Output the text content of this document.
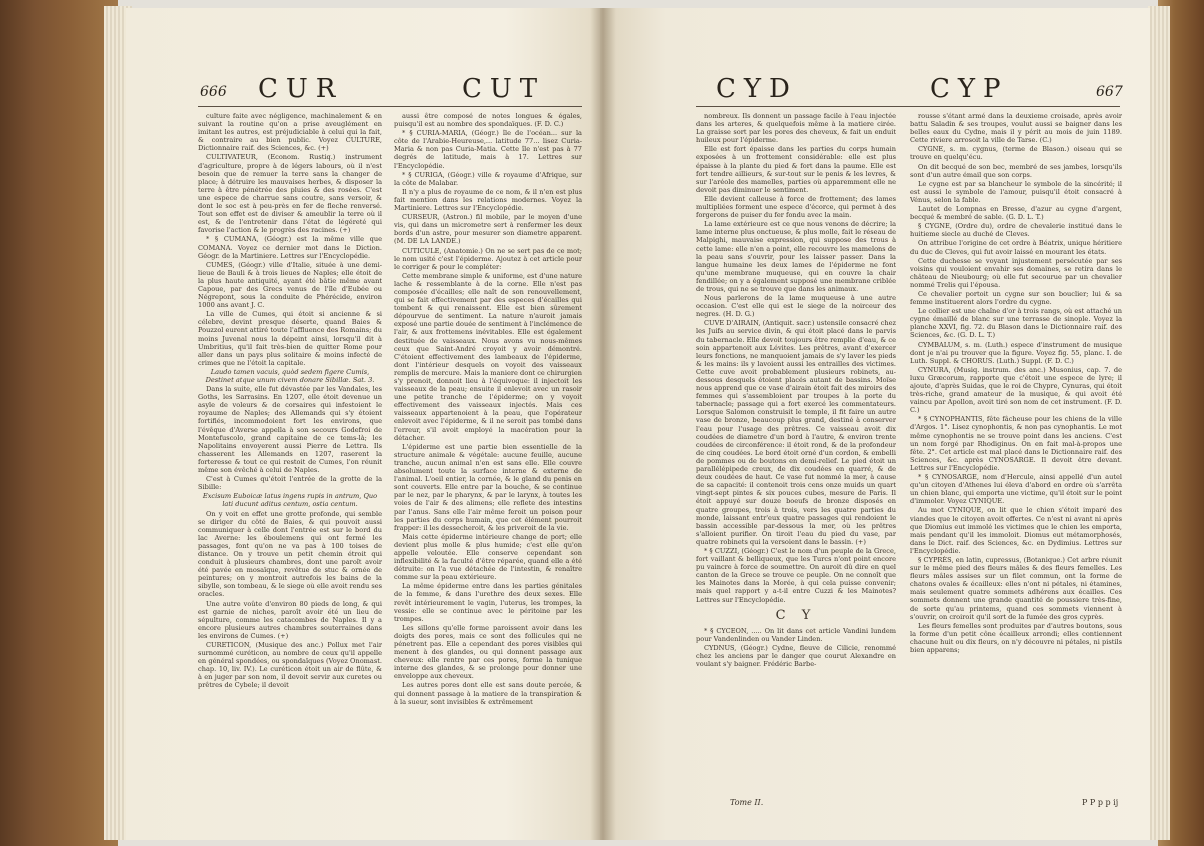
666 CUR	CUT

culture faite avec négligence, machinalement & en suivant la routine qu'on a prise aveuglément en imitant les autres, est préjudiciable à celui qui la fait, & contraire au bien public. Voyez CULTURE, Dictionnaire raif. des Sciences, &c. (+)

CULTIVATEUR, (Econom. Rustiq.) instrument d'agriculture, propre à de légers labours, où il n'est besoin que de remuer la terre sans la changer de place; à détruire les mauvaises herbes, & disposer la terre à être pénétrée des pluies & des rosées. C'est une espece de charrue sans coutre, sans versoir, & dont le soc est à peu-près en fer de fleche renversé. Tout son effet est de diviser & ameublir la terre où il est, & de l'entretenir dans l'état de légéreté qui favorise l'action & le progrès des racines. (+)

* § CUMANA, (Géogr.) est la même ville que COMANA. Voyez ce dernier mot dans le Diction. Géogr. de la Martiniere. Lettres sur l'Encyclopédie.

CUMES, (Géogr.) ville d'Italie, située à une demi-lieue de Bauli & à trois lieues de Naples; elle étoit de la plus haute antiquité, ayant été bâtie même avant Capoue, par des Grecs venus de l'île d'Eubée ou Négrepont, sous la conduite de Phérécide, environ 1000 ans avant J. C.

La ville de Cumes, qui étoit si ancienne & si célebre, devint presque déserte, quand Baies & Pouzzol eurent attiré toute l'affluence des Romains; du moins Juvenal nous la dépeint ainsi, lorsqu'il dit à Umbritius, qu'il fait très-bien de quitter Rome pour aller dans un pays plus solitaire & moins infecté de crimes que ne l'étoit la capitale.

Laudo tamen vacuis, quòd sedem figere Cumis, Destinet atque unum civem donare Sibillæ. Sat. 3.

Dans la suite, elle fut dévastée par les Vandales, les Goths, les Sarrasins. En 1207, elle étoit devenue un asyle de voleurs & de corsaires qui infestoient le royaume de Naples; des Allemands qui s'y étoient fortifiés, incommodoient fort les environs, que l'évêque d'Averse appella à son secours Godefroi de Montefuscolo, grand capitaine de ce tems-là; les Napolitains envoyerent aussi Pierre de Lettra. Ils chasserent les Allemands en 1207, raserent la forteresse & tout ce qui restoit de Cumes, l'on réunit même son évêché à celui de Naples.

C'est à Cumes qu'étoit l'entrée de la grotte de la Sibille:

Excisum Euboicæ latus ingens rupis in antrum, Quo lati ducunt aditus centum, ostia centum.

On y voit en effet une grotte profonde, qui semble se diriger du côté de Baies, & qui pouvoit aussi communiquer à celle dont l'entrée est sur le bord du lac Averne: les éboulemens qui ont fermé les passages, font qu'on ne va pas à 100 toises de distance. On y trouve un petit chemin étroit qui conduit à plusieurs chambres, dont une paroît avoir été pavée en mosaïque, revêtue de stuc & ornée de peintures; on y montroit autrefois les bains de la sibylle, son tombeau, & le siege où elle avoit rendu ses oracles.

Une autre voûte d'environ 80 pieds de long, & qui est garnie de niches, paroît avoir été un lieu de sépulture, comme les catacombes de Naples. Il y a encore plusieurs autres chambres souterraines dans les environs de Cumes. (+)

CURETICON, (Musique des anc.) Pollux met l'air surnommé curéticon, au nombre de ceux qu'il appelle en général spondées, ou spondaïques (Voyez Onomast. chap. 10, liv. IV.). Le curéticon étoit un air de flûte, & à en juger par son nom, il devoit servir aux curetes ou prêtres de Cybele; il devoit

aussi être composé de notes longues & égales, puisqu'il est au nombre des spondaïques. (F. D. C.)

* § CURIA-MARIA, (Géogr.) île de l'océan... sur la côte de l'Arabie-Heureuse,... latitude 77... lisez Curia-Maria & non pas Curia-Matia. Cette île n'est pas à 77 degrés de latitude, mais à 17. Lettres sur l'Encyclopédie.

* § CURIGA, (Géogr.) ville & royaume d'Afrique, sur la côte de Malabar.

Il n'y a plus de royaume de ce nom, & il n'en est plus fait mention dans les relations modernes. Voyez la Martiniere. Lettres sur l'Encyclopédie.

CURSEUR, (Astron.) fil mobile, par le moyen d'une vis, qui dans un micrometre sert à renfermer les deux bords d'un astre, pour mesurer son diametre apparent. (M. DE LA LANDE.)

CUTICULE, (Anatomie.) On ne se sert pas de ce mot; le nom usité c'est l'épiderme. Ajoutez à cet article pour le corriger & pour le compléter:

Cette membrane simple & uniforme, est d'une nature lache & ressemblante à de la corne. Elle n'est pas composée d'écailles; elle naît de son renouvellement, qui se fait effectivement par des especes d'écailles qui tombent & qui renaissent. Elle est bien sûrement dépourvue de sentiment. La nature n'auroit jamais exposé une partie douée de sentiment à l'inclémence de l'air, & aux frottemens inévitables. Elle est également destituée de vaisseaux. Nous avons vu nous-mêmes ceux que Saint-André croyoit y avoir démontré. C'étoient effectivement des lambeaux de l'épiderme, dont l'intérieur desquels on voyoit des vaisseaux remplis de mercure. Mais la maniere dont ce chirurgien s'y prenoit, donnoit lieu à l'équivoque: il injectoit les vaisseaux de la peau; ensuite il enlevoit avec un rasoir une petite tranche de l'épiderme; on y voyoit effectivement des vaisseaux injectés. Mais ces vaisseaux appartenoient à la peau, que l'opérateur enlevoit avec l'épiderme, & il ne seroit pas tombé dans l'erreur, s'il avoit employé la macération pour la détacher.

L'épiderme est une partie bien essentielle de la structure animale & végétale: aucune feuille, aucune tranche, aucun animal n'en est sans elle. Elle couvre absolument toute la surface interne & externe de l'animal. L'oeil entier, la cornée, & le gland du penis en sont couverts. Elle entre par la bouche, & se continue par le nez, par le pharynx, & par le larynx, à toutes les voies de l'air & des alimens; elle reflete des intestins par l'anus. Sans elle l'air même feroit un poison pour les parties du corps humain, que cet élément pourroit frapper: il les dessecheroit, & les priveroit de la vie.

Mais cette épiderme intérieure change de port; elle devient plus molle & plus humide; c'est elle qu'on appelle veloutée. Elle conserve cependant son inflexibilité & la faculté d'être réparée, quand elle a été détruite: on l'a vue détachée de l'intestin, & renaître comme sur la peau extérieure.

La même épiderme entre dans les parties génitales de la femme, & dans l'urethre des deux sexes. Elle revêt intérieurement le vagin, l'uterus, les trompes, la vessie: elle se continue avec le péritoine par les trompes.

Les sillons qu'elle forme paroissent avoir dans les doigts des pores, mais ce sont des follicules qui ne pénetrent pas. Elle a cependant des pores visibles qui menent à des glandes, ou qui donnent passage aux cheveux: elle rentre par ces pores, forme la tunique interne des glandes, & se prolonge pour donner une enveloppe aux cheveux.

Les autres pores dont elle est sans doute percée, & qui donnent passage à la matiere de la transpiration & à la sueur, sont invisibles & extrêmement

CYD	CYP	667

nombreux. Ils donnent un passage facile à l'eau injectée dans les arteres, & quelquefois même à la matiere cirée. La graisse sort par les pores des cheveux, & fait un enduit huileux pour l'épiderme.

Elle est fort épaisse dans les parties du corps humain exposées à un frottement considérable: elle est plus épaisse à la plante du pied & fort dans la paume. Elle est fort tendre aillieurs, & sur-tout sur le penis & les levres, & sur l'aréole des mamelles, parties où apparemment elle ne devoit pas diminuer le sentiment.

Elle devient calleuse à force de frottement; des lames multipliées forment une espece d'écorce, qui permet à des forgerons de puiser du fer fondu avec la main.

La lame extérieure est ce que nous venons de décrire; la lame interne plus onctueuse, & plus molle, fait le réseau de Malpighi, mauvaise expression, qui suppose des trous à cette lame: elle n'en a point, elle recouvre les mamelons de la peau sans s'ouvrir, pour les laisser passer. Dans la langue humaine les deux lames de l'épiderme ne font qu'une membrane muqueuse, qui en couvre la chair fendillée; on y a également supposé une membrane criblée de trous, qui ne se trouve que dans les animaux.

Nous parlerons de la lame muqueuse à une autre occasion. C'est elle qui est le siege de la noirceur des negres. (H. D. G.)

CUVE D'AIRAIN, (Antiquit. sacr.) ustensile consacré chez les Juifs au service divin, & qui étoit placé dans le parvis du tabernacle. Elle devoit toujours être remplie d'eau, & ce soin appartenoit aux Lévites. Les prêtres, avant d'exercer leurs fonctions, ne manquoient jamais de s'y laver les pieds & les mains: ils y lavoient aussi les entrailles des victimes. Cette cuve avoit probablement plusieurs robinets, au-dessous desquels étoient placés autant de bassins. Moïse nous apprend que ce vase d'airain étoit fait des miroirs des femmes qui s'assembloient par troupes à la porte du tabernacle; passage qui a fort exercé les commentateurs. Lorsque Salomon construisit le temple, il fit faire un autre vase de bronze, beaucoup plus grand, destiné à conserver l'eau pour l'usage des prêtres. Ce vaisseau avoit dix coudées de diametre d'un bord à l'autre, & environ trente coudées de circonférence: il étoit rond, & de la profondeur de cinq coudées. Le bord étoit orné d'un cordon, & embelli de pommes ou de boutons en demi-relief. Le pied étoit un parallélépipede creux, de dix coudées en quarré, & de deux coudées de haut. Ce vase fut nommé la mer, à cause de sa capacité: il contenoit trois cens onze muids un quart vingt-sept pintes & six pouces cubes, mesure de Paris. Il étoit appuyé sur douze boeufs de bronze disposés en quatre groupes, trois à trois, vers les quatre parties du monde, laissant entr'eux quatre passages qui rendoient le bassin accessible par-dessous la mer, où les prêtres s'alloient purifier. On tiroit l'eau du pied du vase, par quatre robinets qui la versoient dans le bassin. (+)

* § CUZZI, (Géogr.) C'est le nom d'un peuple de la Grece, fort vaillant & belliqueux, que les Turcs n'ont point encore pu vaincre à force de soumettre. On auroit dû dire en quel canton de la Grece se trouve ce peuple. On ne connoît que les Mainotes dans la Morée, à qui cela puisse convenir; mais quel rapport y a-t-il entre Cuzzi & les Mainotes? Lettres sur l'Encyclopédie.

C Y

* § CYCEON, ..... On lit dans cet article Vandini lundem pour Vandenlinden ou Vander Linden.

CYDNUS, (Géogr.) Cydne, fleuve de Cilicie, renommé chez les anciens par le danger que courut Alexandre en voulant s'y baigner. Frédéric Barbe-

rousse s'étant armé dans la deuxieme croisade, après avoir battu Saladin & ses troupes, voulut aussi se baigner dans les belles eaux du Cydne, mais il y périt au mois de juin 1189. Cette riviere arrosoit la ville de Tarse. (C.)

CYGNE, s. m. cygnus, (terme de Blason.) oiseau qui se trouve en quelqu'écu.

On dit becqué de son bec, membré de ses jambes, lorsqu'ils sont d'un autre émail que son corps.

Le cygne est par sa blancheur le symbole de la sincérité; il est aussi le symbole de l'amour, puisqu'il étoit consacré à Vénus, selon la fable.

Lautet de Lompnas en Bresse, d'azur au cygne d'argent, becqué & membré de sable. (G. D. L. T.)

§ CYGNE, (Ordre du), ordre de chevalerie institué dans le huitieme siecle au duché de Cleves.

On attribue l'origine de cet ordre à Béatrix, unique héritiere du duc de Cleves, qui fut avoir laissé en mourant les états.

Cette duchesse se voyant injustement persécutée par ses voisins qui vouloient envahir ses domaines, se retira dans le château de Nieubourg; où elle fut secourue par un chevalier nommé Trelis qui l'épousa.

Ce chevalier portoit un cygne sur son bouclier; lui & sa femme instituerent alors l'ordre du cygne.

Le collier est une chaîne d'or à trois rangs, où est attaché un cygne émaillé de blanc sur une terrasse de sinople. Voyez la planche XXVI, fig. 72. du Blason dans le Dictionnaire raif. des Sciences, &c. (G. D. L. T.)

CYMBALUM, s. m. (Luth.) espece d'instrument de musique dont je n'ai pu trouver que la figure. Voyez fig. 55, planc. I. de Luth. Suppl. & CHORUS. (Luth.) Suppl. (F. D. C.)

CYNURA, (Musiq. instrum. des anc.) Musonius, cap. 7. de luxu Græcorum, rapporte que c'étoit une espece de lyre; il ajoute, d'après Suidas, que le roi de Chypre, Cynuras, qui étoit très-riche, grand amateur de la musique, & qui avoit été vaincu par Apollon, avoit tiré son nom de cet instrument. (F. D. C.)

* § CYNOPHANTIS, fête fâcheuse pour les chiens de la ville d'Argos. 1°. Lisez cynophontis, & non pas cynophantis. Le mot même cynophontis ne se trouve point dans les anciens. C'est un nom forgé par Rhodiginus. On en fait mal-à-propos une fête. 2°. Cet article est mal placé dans le Dictionnaire raif. des Sciences, &c. après CYNOSARGE. Il devoit être devant. Lettres sur l'Encyclopédie.

* § CYNOSARGE, nom d'Hercule, ainsi appellé d'un autel qu'un citoyen d'Athenes lui éleva d'abord en ordre où s'arrêta un chien blanc, qui emporta une victime, qu'il étoit sur le point d'immoler. Voyez CYNIQUE.

Au mot CYNIQUE, on lit que le chien s'étoit imparé des viandes que le citoyen avoit offertes. Ce n'est ni avant ni après que Diomius eut immolé les victimes que le chien les emporta, mais pendant qu'il les immoloit. Diomus eut métamorphosés, dans le Dict. raif. des Sciences, &c. en Dydimius. Lettres sur l'Encyclopédie.

§ CYPRÈS, en latin, cupressus, (Botanique.) Cet arbre réunit sur le même pied des fleurs mâles & des fleurs femelles. Les fleurs mâles assises sur un filet commun, ont la forme de chatons ovales & écailleux: elles n'ont ni pétales, ni étamines, mais seulement quatre sommets adhérens aux écailles. Ces sommets donnent une grande quantité de poussiere très-fine, de sorte qu'au printems, quand ces sommets viennent à s'ouvrir, on croiroit qu'il sort de la fumée des gros cyprès.

Les fleurs femelles sont produites par d'autres boutons, sous la forme d'un petit cône écailleux arrondi; elles contiennent chacune huit ou dix fleurs, on n'y découvre ni pétales, ni pistils bien apparens;

Tome II.	P P p p ij
